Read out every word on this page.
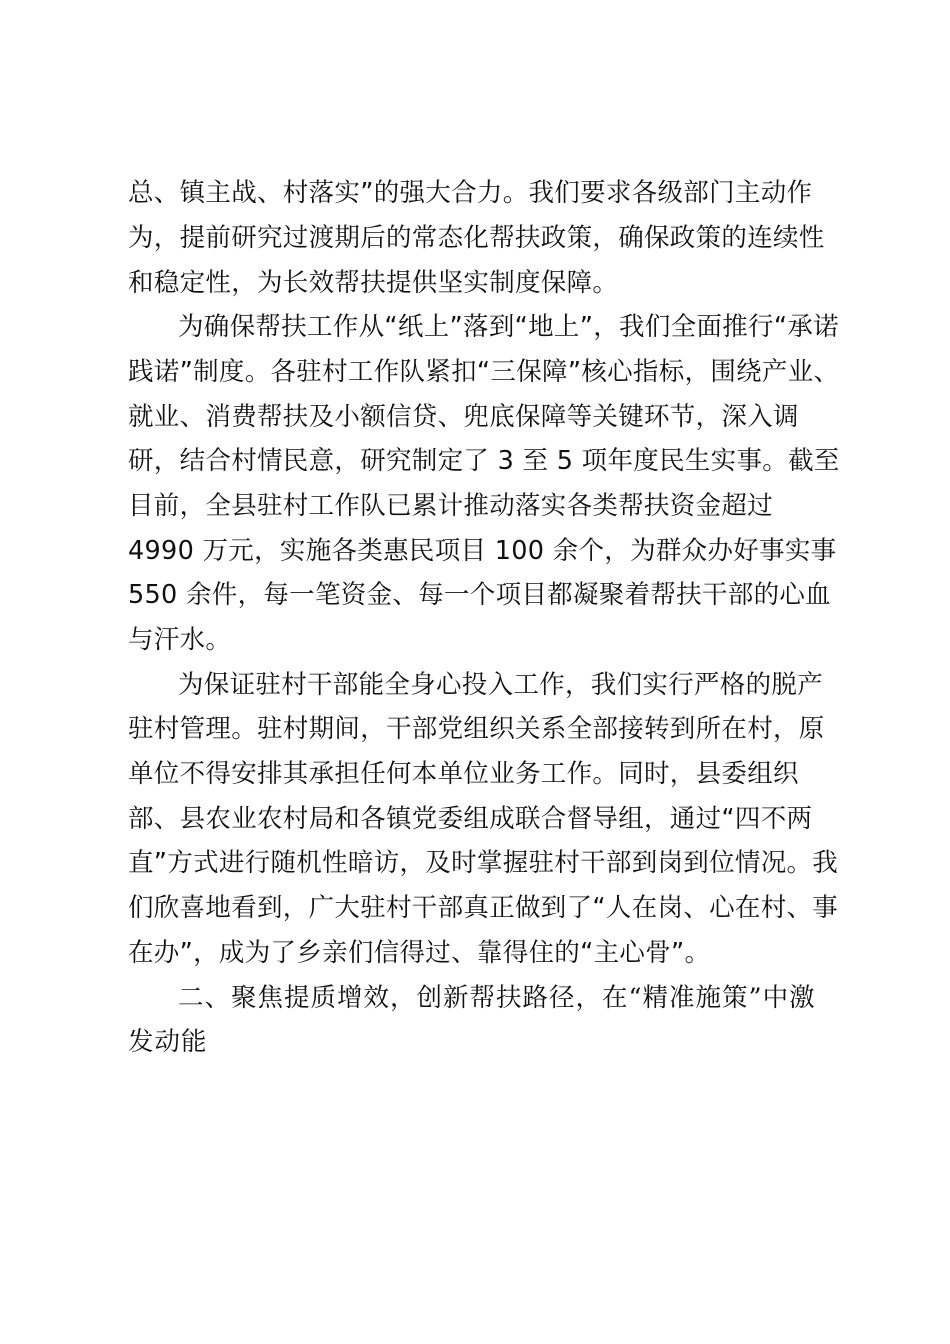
总、镇主战、村落实”的强大合力。我们要求各级部门主动作
为，提前研究过渡期后的常态化帮扶政策，确保政策的连续性
和稳定性，为长效帮扶提供坚实制度保障。
为确保帮扶工作从“纸上”落到“地上”，我们全面推行“承诺
践诺”制度。各驻村工作队紧扣“三保障”核心指标，围绕产业、
就业、消费帮扶及小额信贷、兜底保障等关键环节，深入调
研，结合村情民意，研究制定了 3 至 5 项年度民生实事。截至
目前，全县驻村工作队已累计推动落实各类帮扶资金超过
4990 万元，实施各类惠民项目 100 余个，为群众办好事实事
550 余件，每一笔资金、每一个项目都凝聚着帮扶干部的心血
与汗水。
为保证驻村干部能全身心投入工作，我们实行严格的脱产
驻村管理。驻村期间，干部党组织关系全部接转到所在村，原
单位不得安排其承担任何本单位业务工作。同时，县委组织
部、县农业农村局和各镇党委组成联合督导组，通过“四不两
直”方式进行随机性暗访，及时掌握驻村干部到岗到位情况。我
们欣喜地看到，广大驻村干部真正做到了“人在岗、心在村、事
在办”，成为了乡亲们信得过、靠得住的“主心骨”。
二、聚焦提质增效，创新帮扶路径，在“精准施策”中激
发动能
